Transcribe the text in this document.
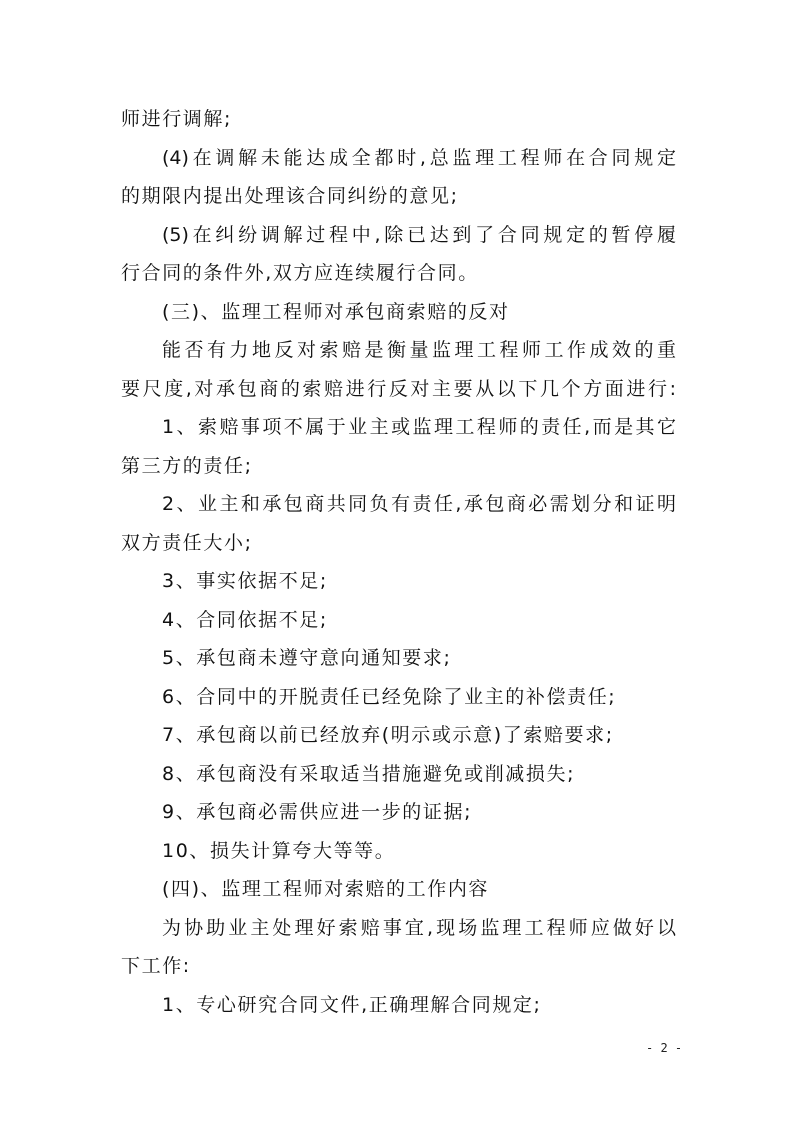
师进行调解;
(4)在调解未能达成全都时,总监理工程师在合同规定
的期限内提出处理该合同纠纷的意见;
(5)在纠纷调解过程中,除已达到了合同规定的暂停履
行合同的条件外,双方应连续履行合同。
(三)、监理工程师对承包商索赔的反对
能否有力地反对索赔是衡量监理工程师工作成效的重
要尺度,对承包商的索赔进行反对主要从以下几个方面进行:
1、索赔事项不属于业主或监理工程师的责任,而是其它
第三方的责任;
2、业主和承包商共同负有责任,承包商必需划分和证明
双方责任大小;
3、事实依据不足;
4、合同依据不足;
5、承包商未遵守意向通知要求;
6、合同中的开脱责任已经免除了业主的补偿责任;
7、承包商以前已经放弃(明示或示意)了索赔要求;
8、承包商没有采取适当措施避免或削减损失;
9、承包商必需供应进一步的证据;
10、损失计算夸大等等。
(四)、监理工程师对索赔的工作内容
为协助业主处理好索赔事宜,现场监理工程师应做好以
下工作:
1、专心研究合同文件,正确理解合同规定;
- 2 -
